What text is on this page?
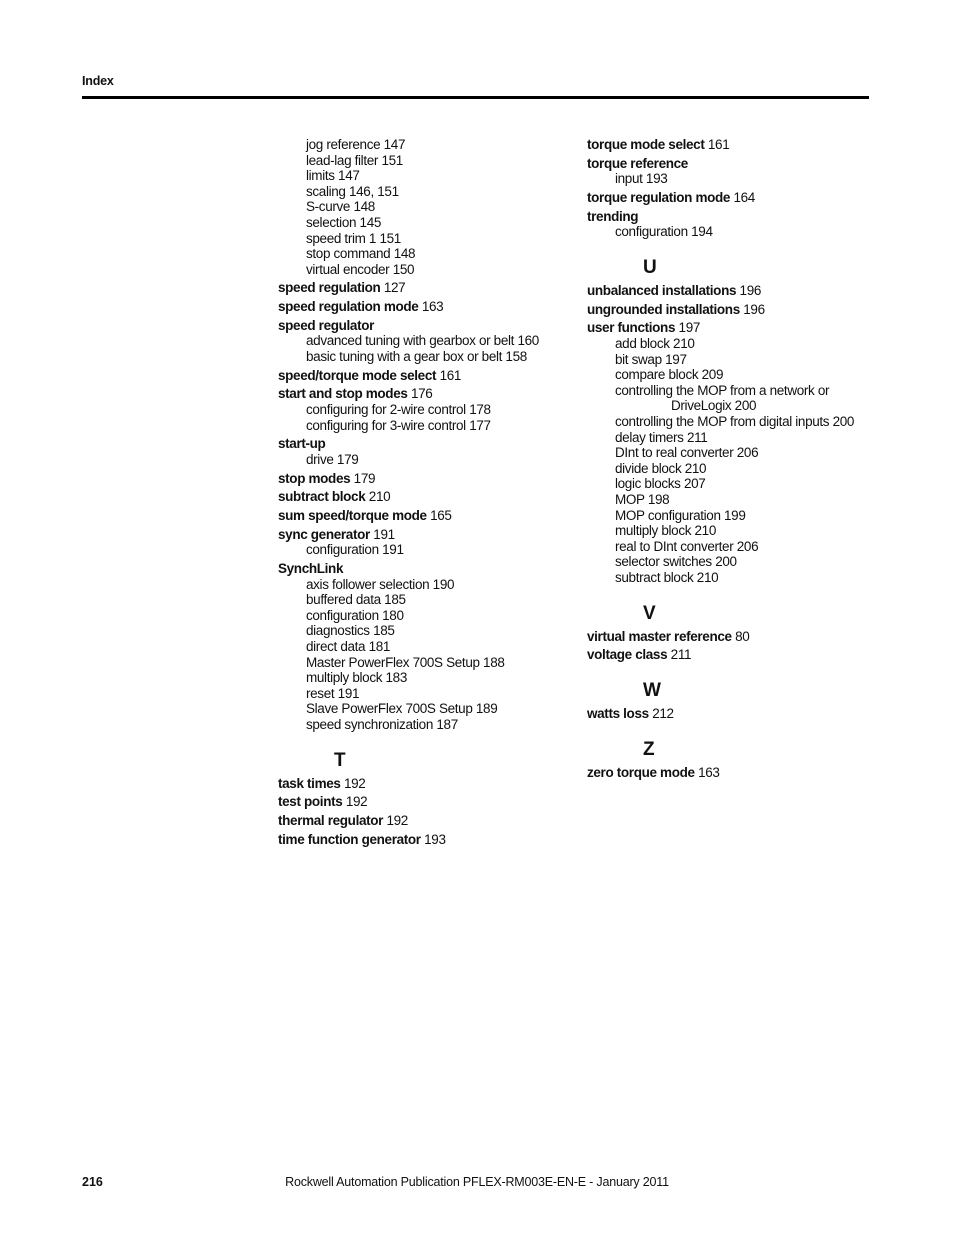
Index
jog reference 147
lead-lag filter 151
limits 147
scaling 146, 151
S-curve 148
selection 145
speed trim 1 151
stop command 148
virtual encoder 150
speed regulation 127
speed regulation mode 163
speed regulator
advanced tuning with gearbox or belt 160
basic tuning with a gear box or belt 158
speed/torque mode select 161
start and stop modes 176
configuring for 2-wire control 178
configuring for 3-wire control 177
start-up
drive 179
stop modes 179
subtract block 210
sum speed/torque mode 165
sync generator 191
configuration 191
SynchLink
axis follower selection 190
buffered data 185
configuration 180
diagnostics 185
direct data 181
Master PowerFlex 700S Setup 188
multiply block 183
reset 191
Slave PowerFlex 700S Setup 189
speed synchronization 187
T
task times 192
test points 192
thermal regulator 192
time function generator 193
torque mode select 161
torque reference
input 193
torque regulation mode 164
trending
configuration 194
U
unbalanced installations 196
ungrounded installations 196
user functions 197
add block 210
bit swap 197
compare block 209
controlling the MOP from a network or
DriveLogix 200
controlling the MOP from digital inputs 200
delay timers 211
DInt to real converter 206
divide block 210
logic blocks 207
MOP 198
MOP configuration 199
multiply block 210
real to DInt converter 206
selector switches 200
subtract block 210
V
virtual master reference 80
voltage class 211
W
watts loss 212
Z
zero torque mode 163
216	Rockwell Automation Publication PFLEX-RM003E-EN-E - January 2011
